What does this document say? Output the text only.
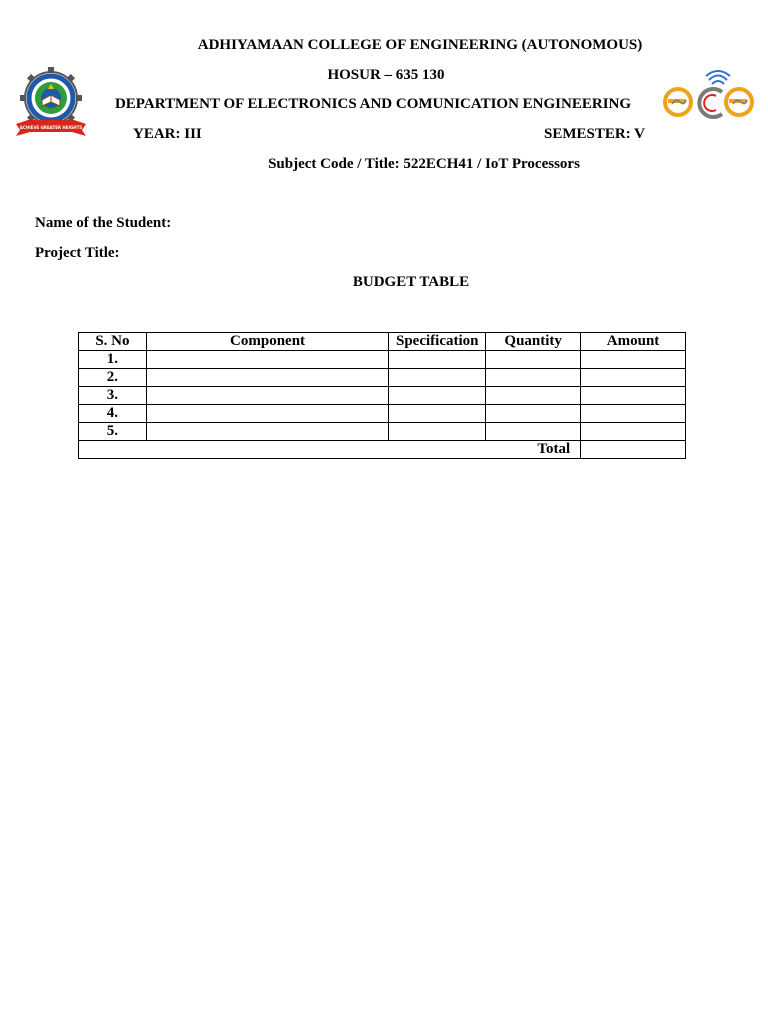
ACHIEVE GREATER HEIGHTS
ADHIYAMAAN COLLEGE OF ENGINEERING (AUTONOMOUS)
HOSUR – 635 130
DEPARTMENT OF ELECTRONICS AND COMUNICATION ENGINEERING
YEAR: III	SEMESTER: V
Subject Code / Title: 522ECH41 / IoT Processors
Name of the Student:
Project Title:
BUDGET TABLE
S. No	Component	Specification	Quantity	Amount
1.				
2.				
3.				
4.				
5.				
Total				
